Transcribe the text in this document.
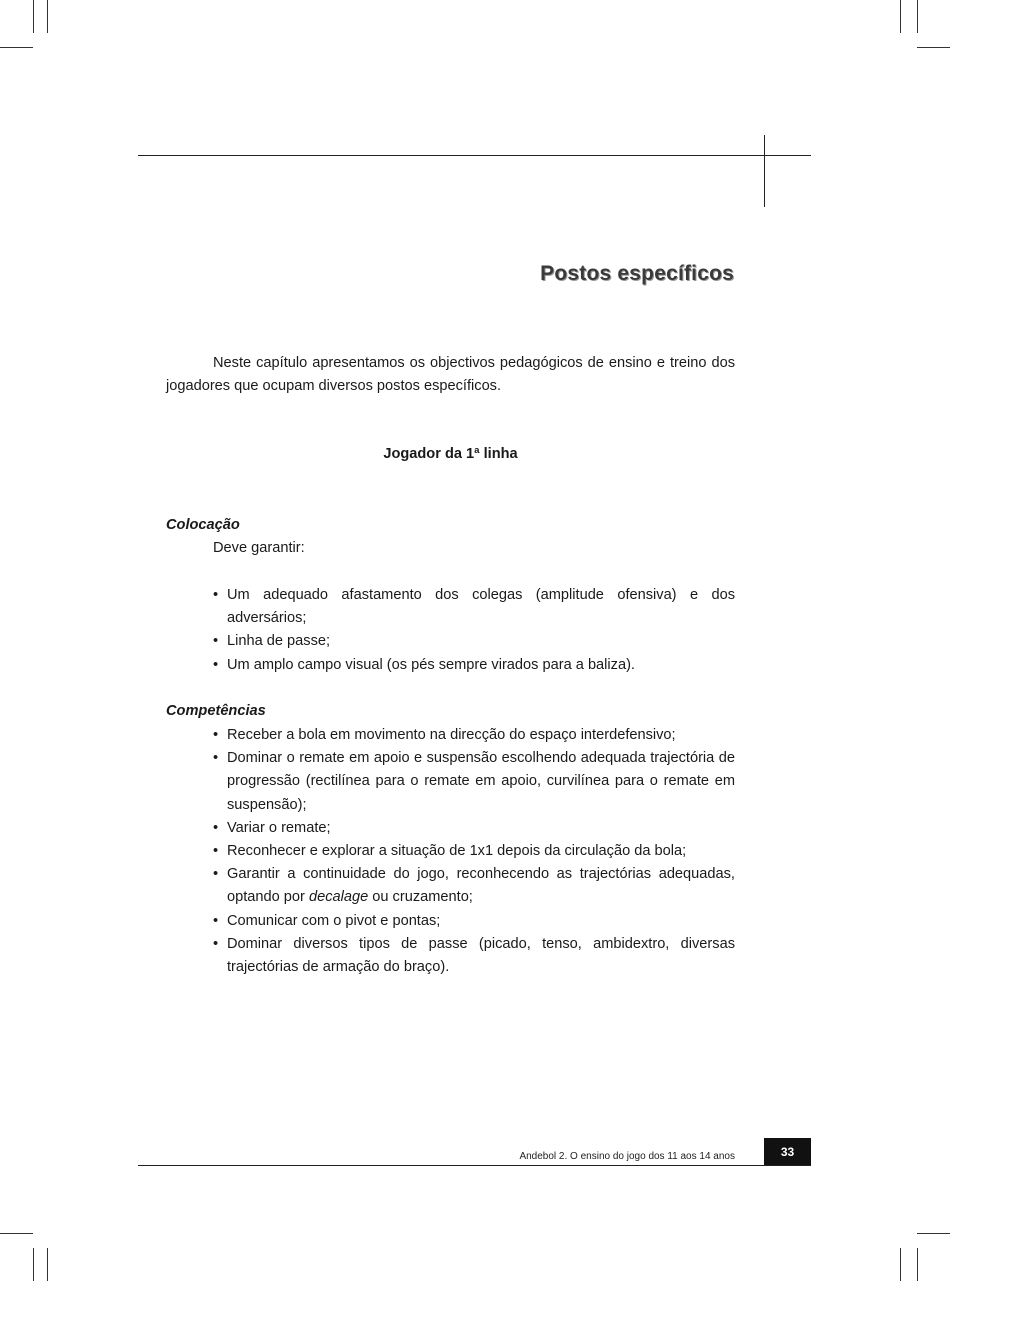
Postos específicos
Neste capítulo apresentamos os objectivos pedagógicos de ensino e treino dos jogadores que ocupam diversos postos específicos.
Jogador da 1ª linha
Colocação
Deve garantir:
• Um adequado afastamento dos colegas (amplitude ofensiva) e dos adversários;
• Linha de passe;
• Um amplo campo visual (os pés sempre virados para a baliza).
Competências
• Receber a bola em movimento na direcção do espaço interdefensivo;
• Dominar o remate em apoio e suspensão escolhendo adequada trajectória de progressão (rectilínea para o remate em apoio, curvilínea para o remate em suspensão);
• Variar o remate;
• Reconhecer e explorar a situação de 1x1 depois da circulação da bola;
• Garantir a continuidade do jogo, reconhecendo as trajectórias adequadas, optando por decalage ou cruzamento;
• Comunicar com o pivot e pontas;
• Dominar diversos tipos de passe (picado, tenso, ambidextro, diversas trajectórias de armação do braço).
Andebol 2. O ensino do jogo dos 11 aos 14 anos	33
